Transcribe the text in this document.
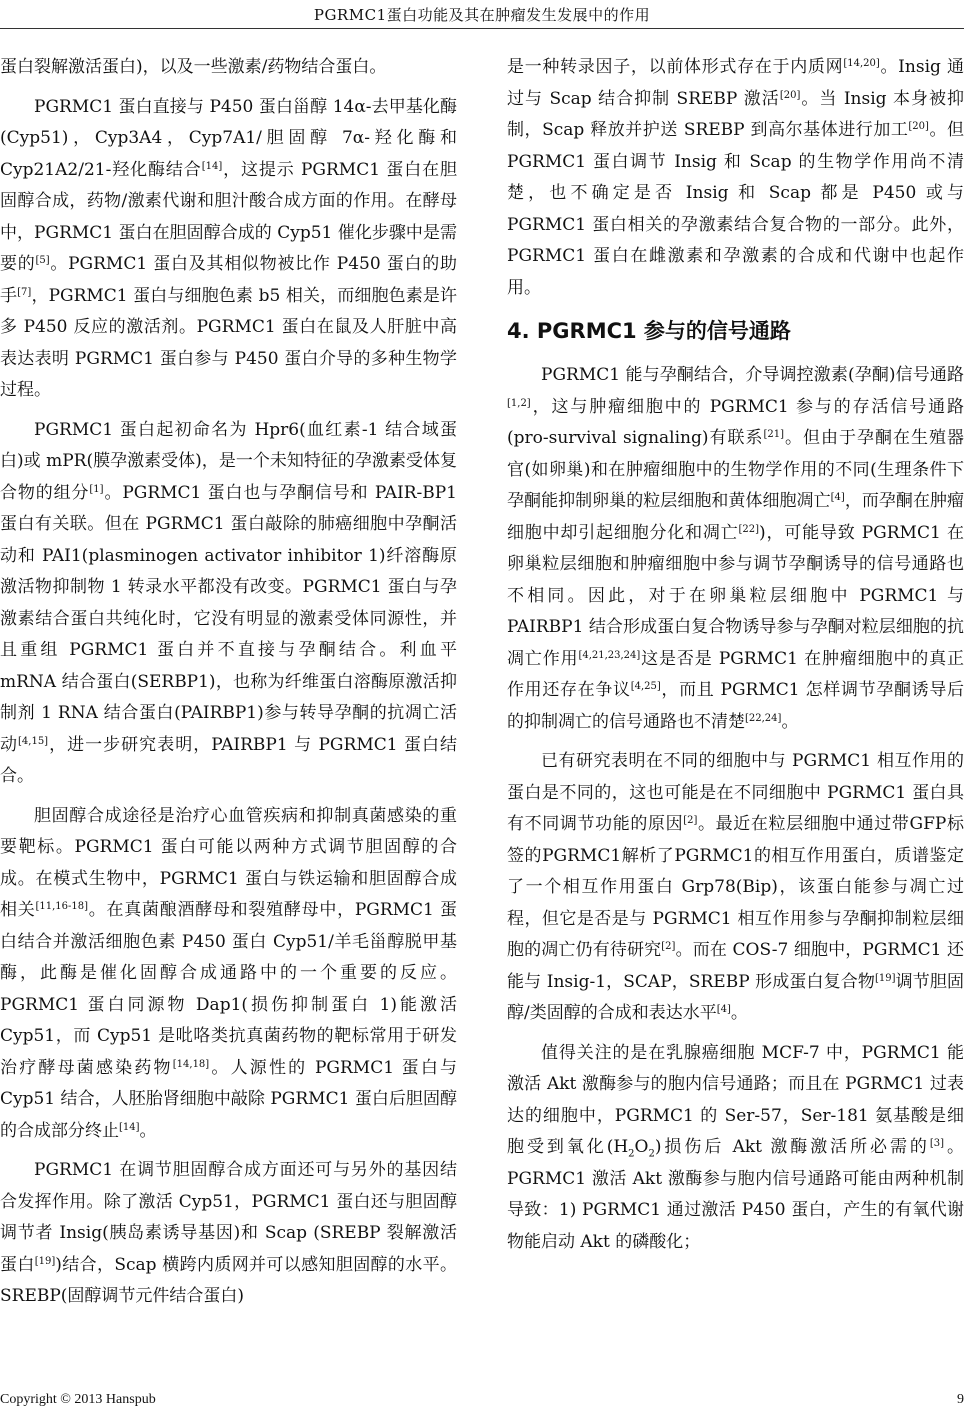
PGRMC1蛋白功能及其在肿瘤发生发展中的作用

蛋白裂解激活蛋白)，以及一些激素/药物结合蛋白。

PGRMC1 蛋白直接与 P450 蛋白甾醇 14α-去甲基化酶(Cyp51)，Cyp3A4，Cyp7A1/胆固醇 7α-羟化酶和 Cyp21A2/21-羟化酶结合[14]，这提示 PGRMC1 蛋白在胆固醇合成，药物/激素代谢和胆汁酸合成方面的作用。在酵母中，PGRMC1 蛋白在胆固醇合成的 Cyp51 催化步骤中是需要的[5]。PGRMC1 蛋白及其相似物被比作 P450 蛋白的助手[7]，PGRMC1 蛋白与细胞色素 b5 相关，而细胞色素是许多 P450 反应的激活剂。PGRMC1 蛋白在鼠及人肝脏中高表达表明 PGRMC1 蛋白参与 P450 蛋白介导的多种生物学过程。

PGRMC1 蛋白起初命名为 Hpr6(血红素-1 结合域蛋白)或 mPR(膜孕激素受体)，是一个未知特征的孕激素受体复合物的组分[1]。PGRMC1 蛋白也与孕酮信号和 PAIR-BP1 蛋白有关联。但在 PGRMC1 蛋白敲除的肺癌细胞中孕酮活动和 PAI1(plasminogen activator inhibitor 1)纤溶酶原激活物抑制物 1 转录水平都没有改变。PGRMC1 蛋白与孕激素结合蛋白共纯化时，它没有明显的激素受体同源性，并且重组 PGRMC1 蛋白并不直接与孕酮结合。利血平 mRNA 结合蛋白(SERBP1)，也称为纤维蛋白溶酶原激活抑制剂 1 RNA 结合蛋白(PAIRBP1)参与转导孕酮的抗凋亡活动[4,15]，进一步研究表明，PAIRBP1 与 PGRMC1 蛋白结合。

胆固醇合成途径是治疗心血管疾病和抑制真菌感染的重要靶标。PGRMC1 蛋白可能以两种方式调节胆固醇的合成。在模式生物中，PGRMC1 蛋白与铁运输和胆固醇合成相关[11,16-18]。在真菌酿酒酵母和裂殖酵母中，PGRMC1 蛋白结合并激活细胞色素 P450 蛋白 Cyp51/羊毛甾醇脱甲基酶，此酶是催化固醇合成通路中的一个重要的反应。PGRMC1 蛋白同源物 Dap1(损伤抑制蛋白 1)能激活 Cyp51，而 Cyp51 是吡咯类抗真菌药物的靶标常用于研发治疗酵母菌感染药物[14,18]。人源性的 PGRMC1 蛋白与 Cyp51 结合，人胚胎肾细胞中敲除 PGRMC1 蛋白后胆固醇的合成部分终止[14]。

PGRMC1 在调节胆固醇合成方面还可与另外的基因结合发挥作用。除了激活 Cyp51，PGRMC1 蛋白还与胆固醇调节者 Insig(胰岛素诱导基因)和 Scap (SREBP 裂解激活蛋白[19])结合，Scap 横跨内质网并可以感知胆固醇的水平。SREBP(固醇调节元件结合蛋白)

是一种转录因子，以前体形式存在于内质网[14,20]。Insig 通过与 Scap 结合抑制 SREBP 激活[20]。当 Insig 本身被抑制，Scap 释放并护送 SREBP 到高尔基体进行加工[20]。但 PGRMC1 蛋白调节 Insig 和 Scap 的生物学作用尚不清楚，也不确定是否 Insig 和 Scap 都是 P450 或与 PGRMC1 蛋白相关的孕激素结合复合物的一部分。此外，PGRMC1 蛋白在雌激素和孕激素的合成和代谢中也起作用。

4. PGRMC1 参与的信号通路

PGRMC1 能与孕酮结合，介导调控激素(孕酮)信号通路[1,2]，这与肿瘤细胞中的 PGRMC1 参与的存活信号通路(pro-survival signaling)有联系[21]。但由于孕酮在生殖器官(如卵巢)和在肿瘤细胞中的生物学作用的不同(生理条件下孕酮能抑制卵巢的粒层细胞和黄体细胞凋亡[4]，而孕酮在肿瘤细胞中却引起细胞分化和凋亡[22])，可能导致 PGRMC1 在卵巢粒层细胞和肿瘤细胞中参与调节孕酮诱导的信号通路也不相同。因此，对于在卵巢粒层细胞中 PGRMC1 与 PAIRBP1 结合形成蛋白复合物诱导参与孕酮对粒层细胞的抗凋亡作用[4,21,23,24]这是否是 PGRMC1 在肿瘤细胞中的真正作用还存在争议[4,25]，而且 PGRMC1 怎样调节孕酮诱导后的抑制凋亡的信号通路也不清楚[22,24]。

已有研究表明在不同的细胞中与 PGRMC1 相互作用的蛋白是不同的，这也可能是在不同细胞中 PGRMC1 蛋白具有不同调节功能的原因[2]。最近在粒层细胞中通过带GFP标签的PGRMC1解析了PGRMC1的相互作用蛋白，质谱鉴定了一个相互作用蛋白 Grp78(Bip)，该蛋白能参与凋亡过程，但它是否是与 PGRMC1 相互作用参与孕酮抑制粒层细胞的凋亡仍有待研究[2]。而在 COS-7 细胞中，PGRMC1 还能与 Insig-1，SCAP，SREBP 形成蛋白复合物[19]调节胆固醇/类固醇的合成和表达水平[4]。

值得关注的是在乳腺癌细胞 MCF-7 中，PGRMC1 能激活 Akt 激酶参与的胞内信号通路；而且在 PGRMC1 过表达的细胞中，PGRMC1 的 Ser-57，Ser-181 氨基酸是细胞受到氧化$(H_2O_2)$损伤后 Akt 激酶激活所必需的[3]。PGRMC1 激活 Akt 激酶参与胞内信号通路可能由两种机制导致：1) PGRMC1 通过激活 P450 蛋白，产生的有氧代谢物能启动 Akt 的磷酸化；

Copyright © 2013 Hanspub	9
